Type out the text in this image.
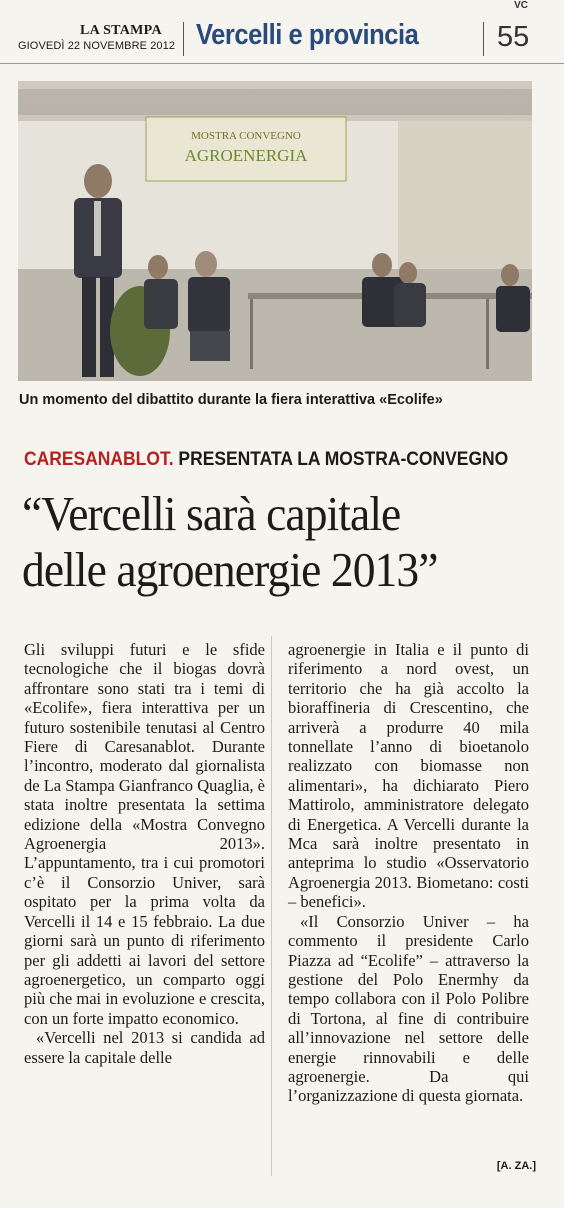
VC
LA STAMPA
GIOVEDÌ 22 NOVEMBRE 2012 Vercelli e provincia	55
MOSTRA CONVEGNO
AGROENERGIA
Un momento del dibattito durante la fiera interattiva «Ecolife»
CARESANABLOT. PRESENTATA LA MOSTRA-CONVEGNO
“Vercelli sarà capitale
delle agroenergie 2013”

Gli sviluppi futuri e le sfide tecnologiche che il biogas dovrà affrontare sono stati tra i temi di «Ecolife», fiera interattiva per un futuro sostenibile tenutasi al Centro Fiere di Caresanablot. Durante l’incontro, moderato dal giornalista de La Stampa Gianfranco Quaglia, è stata inoltre presentata la settima edizione della «Mostra Convegno Agroenergia 2013». L’appuntamento, tra i cui promotori c’è il Consorzio Univer, sarà ospitato per la prima volta da Vercelli il 14 e 15 febbraio. La due giorni sarà un punto di riferimento per gli addetti ai lavori del settore agroenergetico, un comparto oggi più che mai in evoluzione e crescita, con un forte impatto economico.

«Vercelli nel 2013 si candida ad essere la capitale delle

agroenergie in Italia e il punto di riferimento a nord ovest, un territorio che ha già accolto la bioraffineria di Crescentino, che arriverà a produrre 40 mila tonnellate l’anno di bioetanolo realizzato con biomasse non alimentari», ha dichiarato Piero Mattirolo, amministratore delegato di Energetica. A Vercelli durante la Mca sarà inoltre presentato in anteprima lo studio «Osservatorio Agroenergia 2013. Biometano: costi – benefici».

«Il Consorzio Univer – ha commento il presidente Carlo Piazza ad “Ecolife” – attraverso la gestione del Polo Enermhy da tempo collabora con il Polo Polibre di Tortona, al fine di contribuire all’innovazione nel settore delle energie rinnovabili e delle agroenergie. Da qui l’organizzazione di questa giornata.

[A. ZA.]
